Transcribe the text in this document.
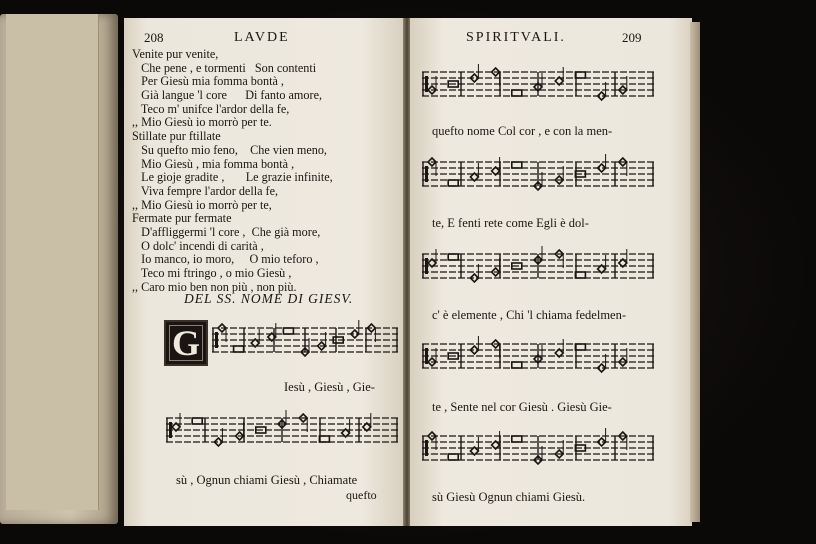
208	LAVDE
Venite pur venite,
Che pene , e tormenti   Son contenti
Per Giesù mia fomma bontà ,
Già langue 'l core      Di fanto amore,
Teco m' unifce l'ardor della fe,
,, Mio Giesù io morrò per te.
Stillate pur ftillate
Su quefto mio feno,    Che vien meno,
Mio Giesù , mia fomma bontà ,
Le gioje gradite ,       Le grazie infinite,
Viva fempre l'ardor della fe,
,, Mio Giesù io morrò per te,
Fermate pur fermate
D'affliggermi 'l core ,  Che già more,
O dolc' incendi di carità ,
Io manco, io moro,     O mio teforo ,
Teco mi ftringo , o mio Giesù ,
,, Caro mio ben non più , non più.
DEL SS. NOME DI GIESV.
G
Iesù , Giesù , Gie-
sù , Ognun chiami Giesù , Chiamate
quefto
SPIRITVALI.	209
quefto nome Col cor , e con la men-
te, E fenti rete come Egli è dol-
c' è elemente , Chi 'l chiama fedelmen-
te , Sente nel cor Giesù . Giesù Gie-
sù Giesù Ognun chiami Giesù.
